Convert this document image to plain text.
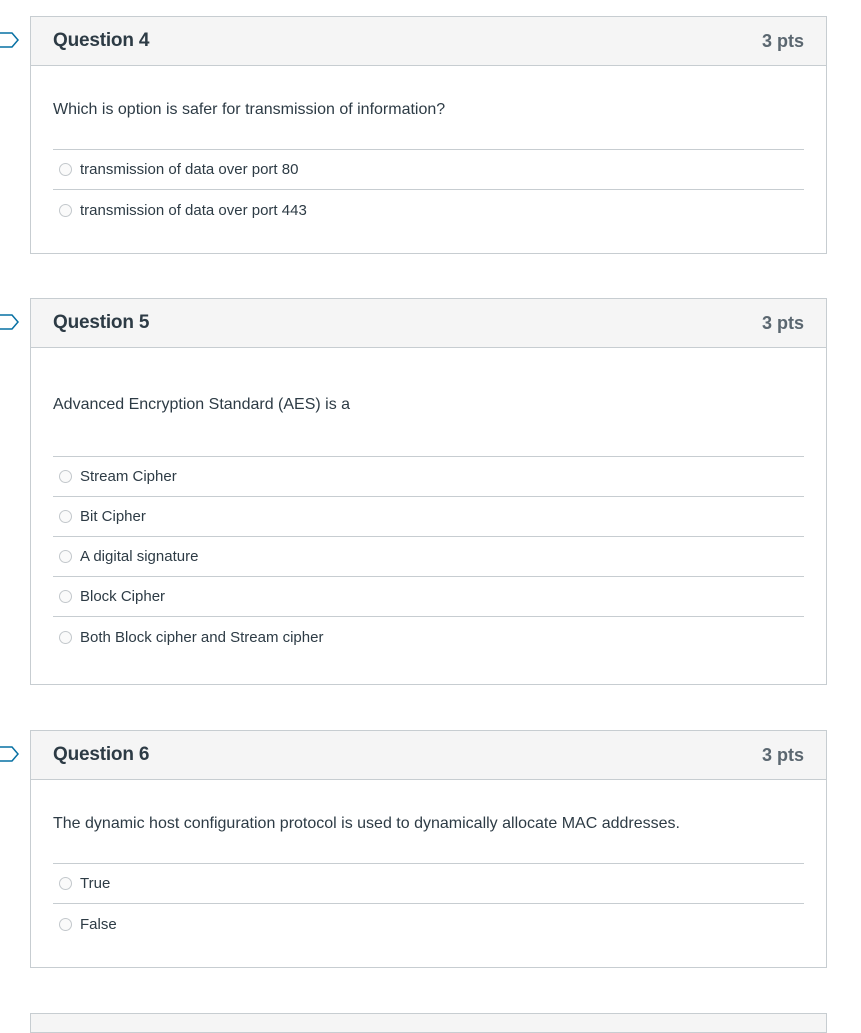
Question 4	3 pts
Which is option is safer for transmission of information?
transmission of data over port 80
transmission of data over port 443
Question 5	3 pts
Advanced Encryption Standard (AES) is a
Stream Cipher
Bit Cipher
A digital signature
Block Cipher
Both Block cipher and Stream cipher
Question 6	3 pts
The dynamic host configuration protocol is used to dynamically allocate MAC addresses.
True
False
